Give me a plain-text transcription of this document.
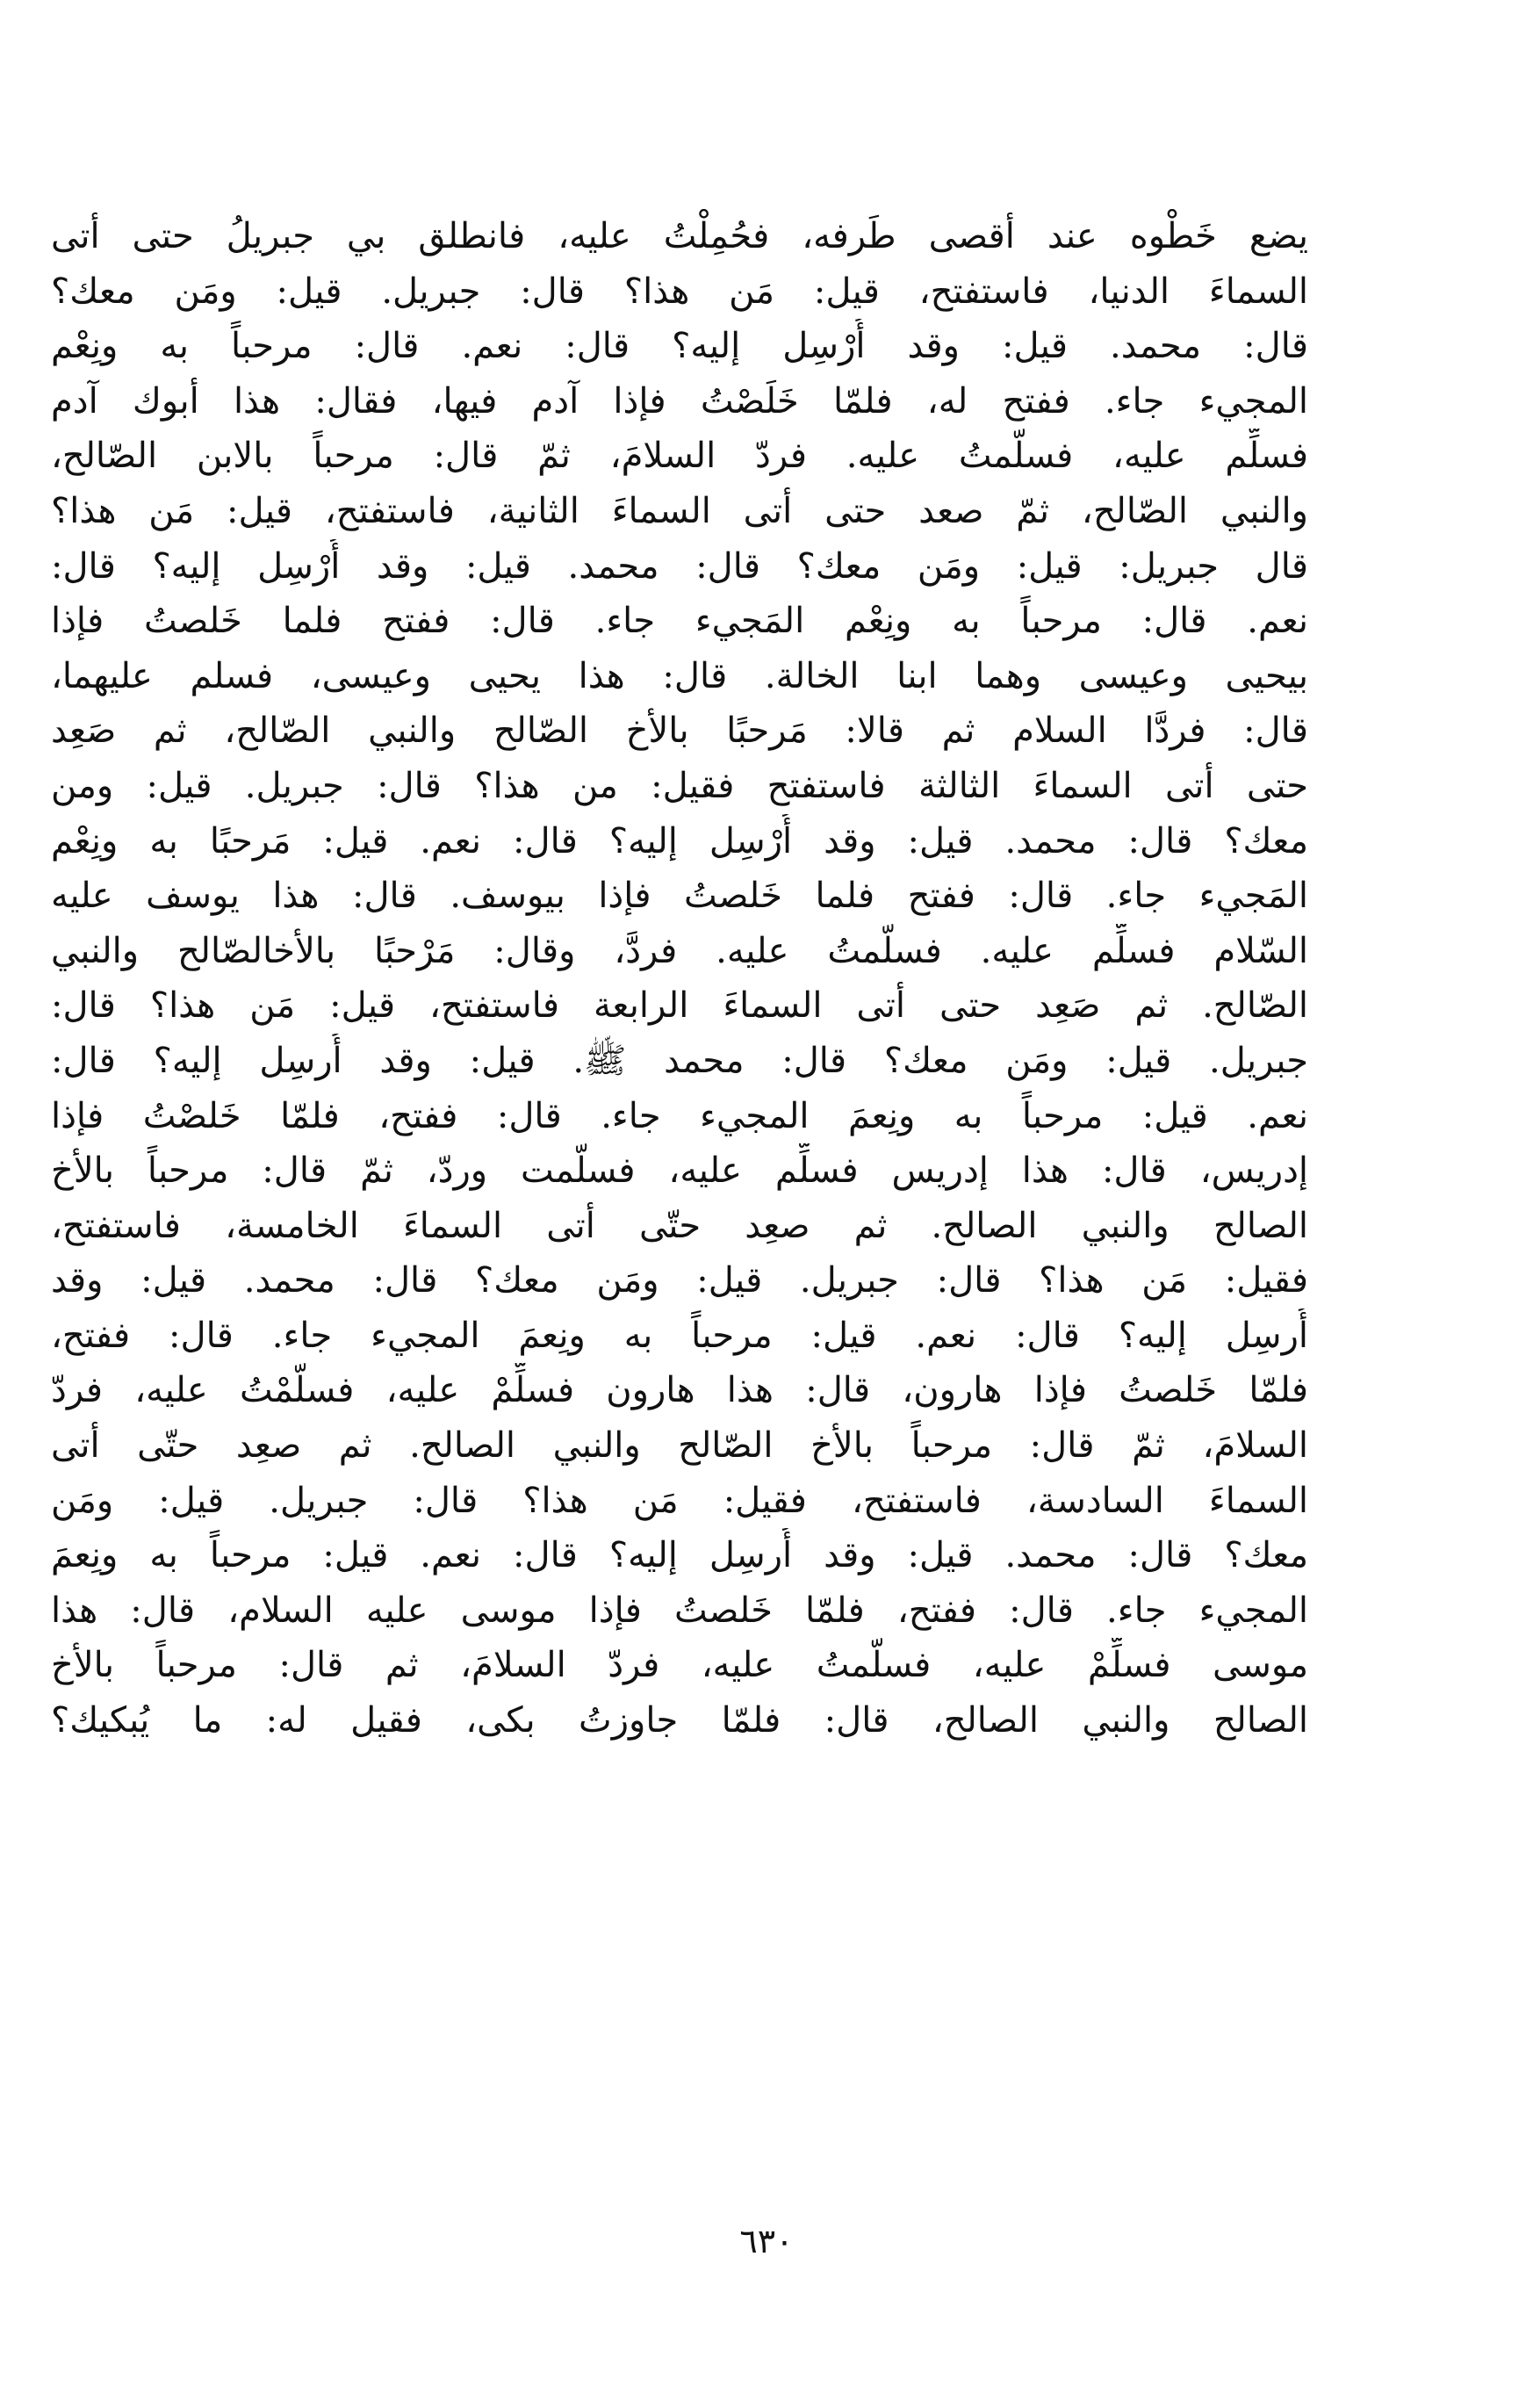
يضع خَطْوه عند أقصى طَرفه، فحُمِلْتُ عليه، فانطلق بي جبريلُ حتى أتى
السماءَ الدنيا، فاستفتح، قيل: مَن هذا؟ قال: جبريل. قيل: ومَن معك؟
قال: محمد. قيل: وقد أُرْسِل إليه؟ قال: نعم. قال: مرحباً به ونِعْم
المجيء جاء. ففتح له، فلمّا خَلَصْتُ فإذا آدم فيها، فقال: هذا أبوك آدم
فسلِّم عليه، فسلَّمتُ عليه. فردّ السلامَ، ثمّ قال: مرحباً بالابن الصّالح،
والنبي الصّالح، ثمّ صعد حتى أتى السماءَ الثانية، فاستفتح، قيل: مَن هذا؟
قال جبريل: قيل: ومَن معك؟ قال: محمد. قيل: وقد أُرْسِل إليه؟ قال:
نعم. قال: مرحباً به ونِعْم المَجيء جاء. قال: ففتح فلما خَلصتُ فإذا
بيحيى وعيسى وهما ابنا الخالة. قال: هذا يحيى وعيسى، فسلم عليهما،
قال: فردَّا السلام ثم قالا: مَرحبًا بالأخ الصّالح والنبي الصّالح، ثم صَعِد
حتى أتى السماءَ الثالثة فاستفتح فقيل: من هذا؟ قال: جبريل. قيل: ومن
معك؟ قال: محمد. قيل: وقد أُرْسِل إليه؟ قال: نعم. قيل: مَرحبًا به ونِعْم
المَجيء جاء. قال: ففتح فلما خَلصتُ فإذا بيوسف. قال: هذا يوسف عليه
السّلام فسلِّم عليه. فسلّمتُ عليه. فردَّ، وقال: مَرْحبًا بالأخالصّالح والنبي
الصّالح. ثم صَعِد حتى أتى السماءَ الرابعة فاستفتح، قيل: مَن هذا؟ قال:
جبريل. قيل: ومَن معك؟ قال: محمد ﷺ. قيل: وقد أُرسِل إليه؟ قال:
نعم. قيل: مرحباً به ونِعمَ المجيء جاء. قال: ففتح، فلمّا خَلصْتُ فإذا
إدريس، قال: هذا إدريس فسلِّم عليه، فسلّمت وردّ، ثمّ قال: مرحباً بالأخ
الصالح والنبي الصالح. ثم صعِد حتّى أتى السماءَ الخامسة، فاستفتح،
فقيل: مَن هذا؟ قال: جبريل. قيل: ومَن معك؟ قال: محمد. قيل: وقد
أُرسِل إليه؟ قال: نعم. قيل: مرحباً به ونِعمَ المجيء جاء. قال: ففتح،
فلمّا خَلصتُ فإذا هارون، قال: هذا هارون فسلِّمْ عليه، فسلّمْتُ عليه، فردّ
السلامَ، ثمّ قال: مرحباً بالأخ الصّالح والنبي الصالح. ثم صعِد حتّى أتى
السماءَ السادسة، فاستفتح، فقيل: مَن هذا؟ قال: جبريل. قيل: ومَن
معك؟ قال: محمد. قيل: وقد أُرسِل إليه؟ قال: نعم. قيل: مرحباً به ونِعمَ
المجيء جاء. قال: ففتح، فلمّا خَلصتُ فإذا موسى عليه السلام، قال: هذا
موسى فسلِّمْ عليه، فسلّمتُ عليه، فردّ السلامَ، ثم قال: مرحباً بالأخ
الصالح والنبي الصالح، قال: فلمّا جاوزتُ بكى، فقيل له: ما يُبكيك؟
٦٣٠
